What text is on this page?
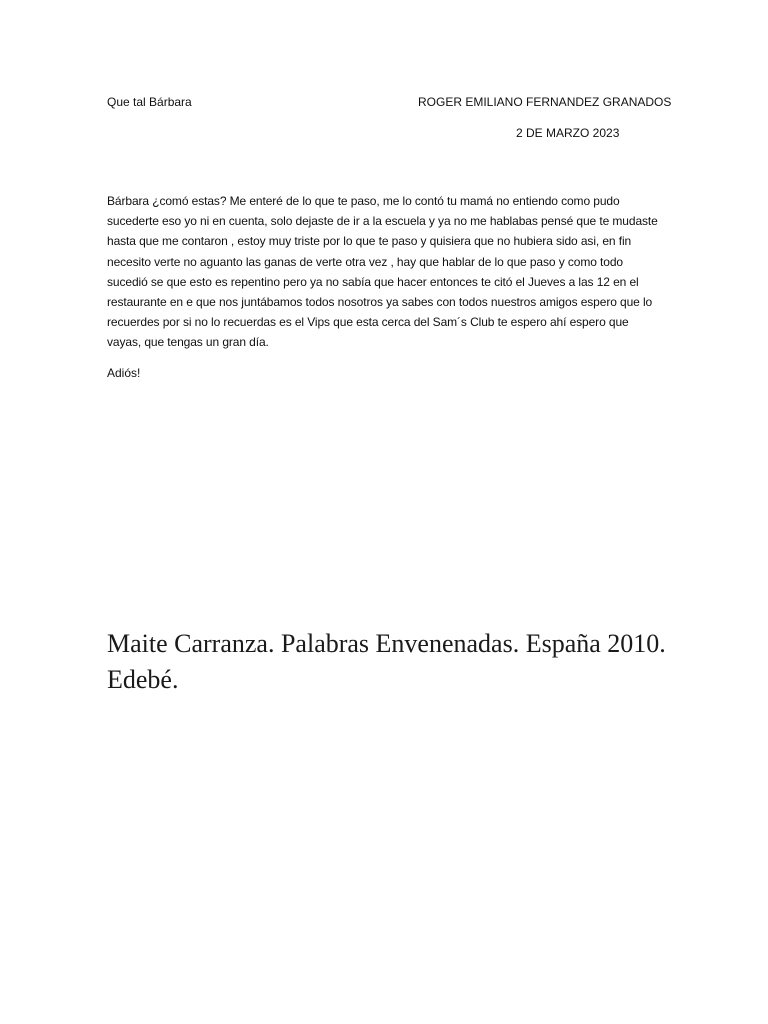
Que tal Bárbara	ROGER EMILIANO FERNANDEZ GRANADOS
2 DE MARZO 2023
Bárbara ¿comó estas? Me enteré de lo que te paso, me lo contó tu mamá no entiendo como pudo sucederte eso yo ni en cuenta, solo dejaste de ir a la escuela y ya no me hablabas pensé que te mudaste hasta que me contaron , estoy muy triste por lo que te paso y quisiera que no hubiera sido asi, en fin necesito verte no aguanto las ganas de verte otra vez , hay que hablar de lo que paso y como todo sucedió se que esto es repentino pero ya no sabía que hacer entonces te citó el Jueves a las 12 en el restaurante en e que nos juntábamos todos nosotros ya sabes con todos nuestros amigos espero que lo recuerdes por si no lo recuerdas es el Vips que esta cerca del Sam´s Club te espero ahí espero que vayas, que tengas un gran día.
Adiós!
Maite Carranza. Palabras Envenenadas. España 2010. Edebé.
